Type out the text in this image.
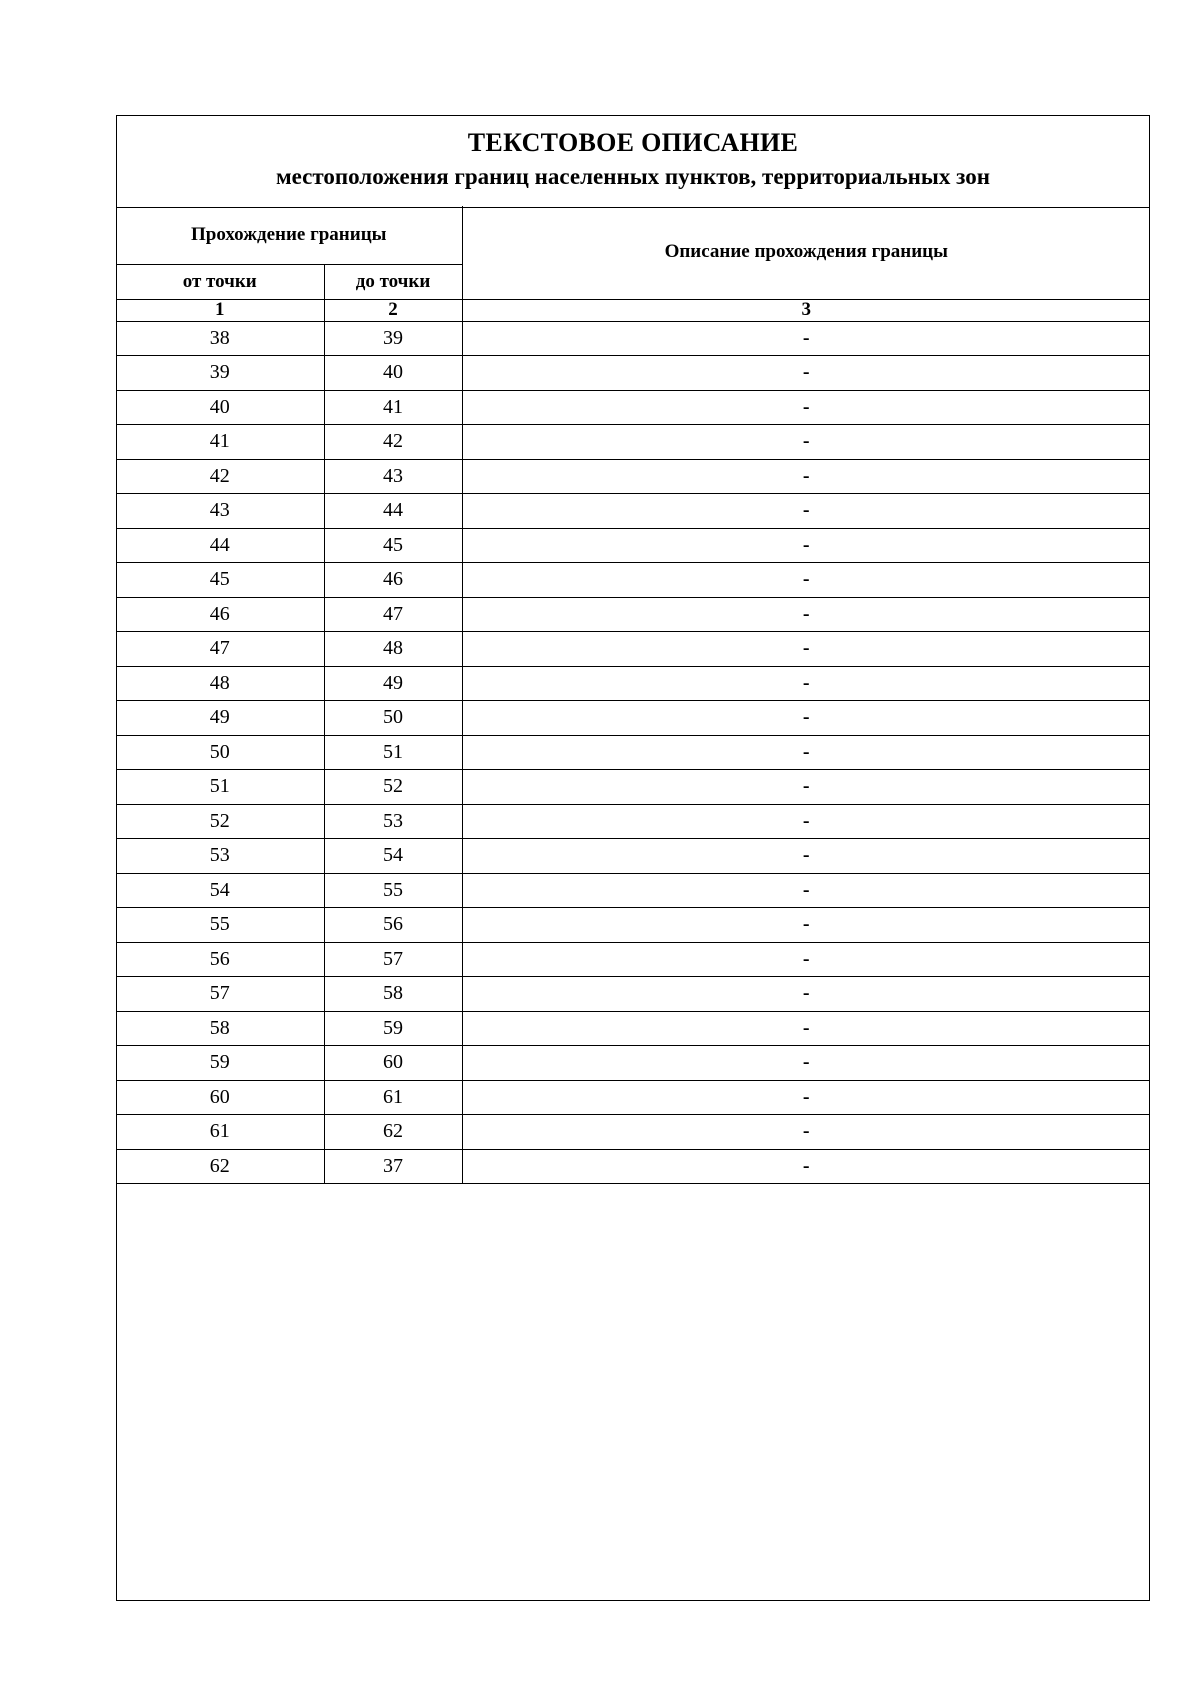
ТЕКСТОВОЕ ОПИСАНИЕ
местоположения границ населенных пунктов, территориальных зон
Прохождение границы		Описание прохождения границы
от точки	до точки	
1	2	3
38	39	-
39	40	-
40	41	-
41	42	-
42	43	-
43	44	-
44	45	-
45	46	-
46	47	-
47	48	-
48	49	-
49	50	-
50	51	-
51	52	-
52	53	-
53	54	-
54	55	-
55	56	-
56	57	-
57	58	-
58	59	-
59	60	-
60	61	-
61	62	-
62	37	-
